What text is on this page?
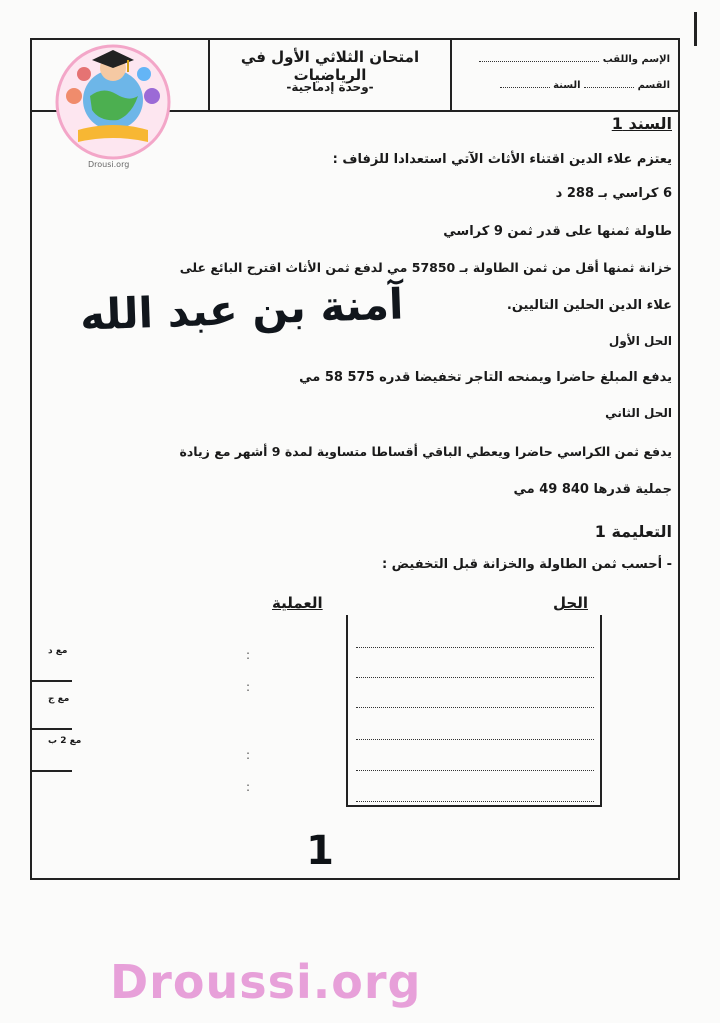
امتحان الثلاثي الأول في الرياضيات
-وحدة إدماجية-
الإسم واللقب
القسم  السنة
Drousi.org
السند 1
يعتزم علاء الدين اقتناء الأثاث الآتي استعدادا للزفاف :
6 كراسي بـ 288 د
طاولة ثمنها على قدر ثمن 9 كراسي
خزانة ثمنها أقل من ثمن الطاولة بـ 57850 مي لدفع ثمن الأثاث اقترح البائع على
علاء الدين الحلين التاليين.
آمنة بن عبد الله
الحل الأول
يدفع المبلغ حاضرا ويمنحه التاجر تخفيضا قدره 575 58 مي
الحل الثاني
يدفع ثمن الكراسي حاضرا ويعطي الباقي أقساطا متساوية لمدة 9 أشهر مع زيادة
جملية قدرها 840 49 مي
التعليمة 1
- أحسب ثمن الطاولة والخزانة قبل التخفيض :
الحل
العملية
:
:
:
:
مع د
مع ج
مع 2 ب
1
Droussi.org
